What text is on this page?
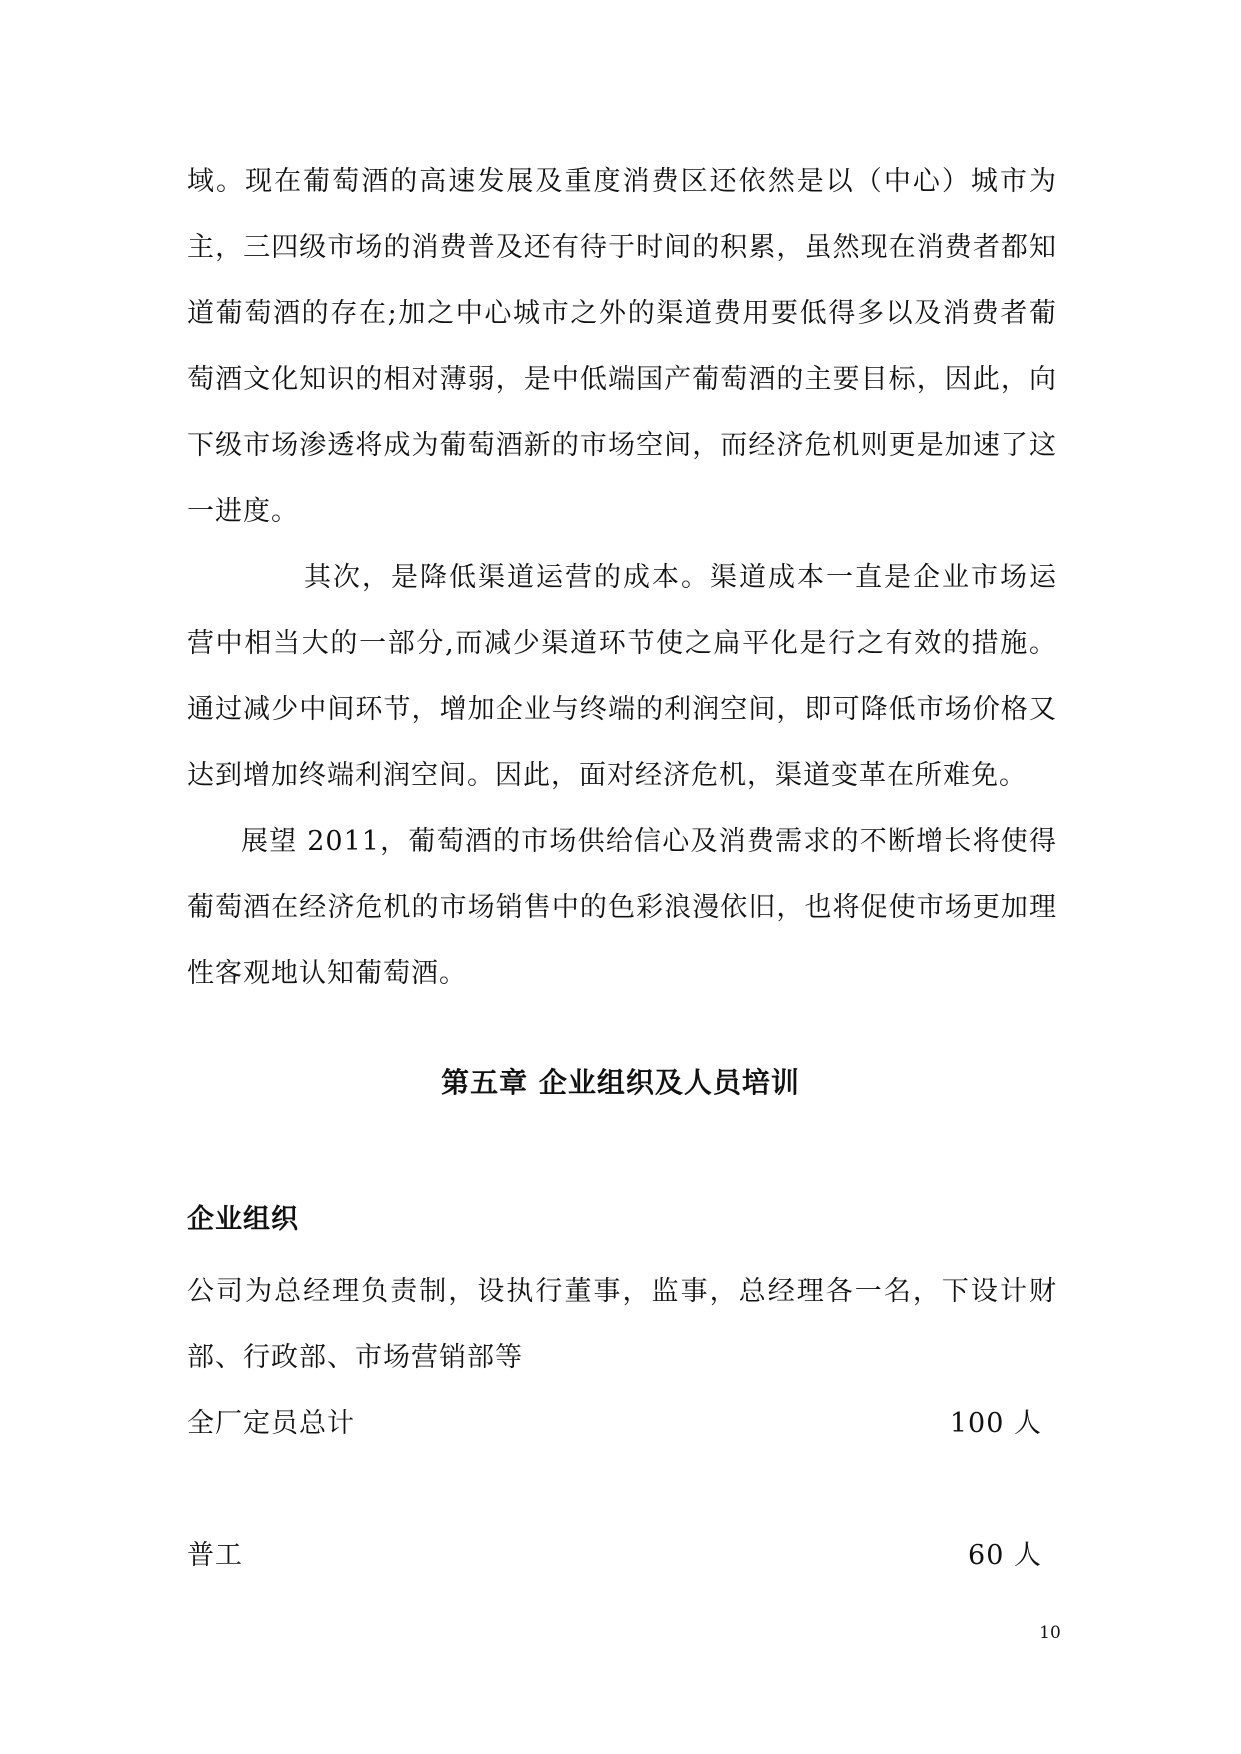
域。现在葡萄酒的高速发展及重度消费区还依然是以（中心）城市为主，三四级市场的消费普及还有待于时间的积累，虽然现在消费者都知道葡萄酒的存在;加之中心城市之外的渠道费用要低得多以及消费者葡萄酒文化知识的相对薄弱，是中低端国产葡萄酒的主要目标，因此，向下级市场渗透将成为葡萄酒新的市场空间，而经济危机则更是加速了这一进度。
其次，是降低渠道运营的成本。渠道成本一直是企业市场运营中相当大的一部分,而减少渠道环节使之扁平化是行之有效的措施。通过减少中间环节，增加企业与终端的利润空间，即可降低市场价格又达到增加终端利润空间。因此，面对经济危机，渠道变革在所难免。
展望 2011，葡萄酒的市场供给信心及消费需求的不断增长将使得葡萄酒在经济危机的市场销售中的色彩浪漫依旧，也将促使市场更加理性客观地认知葡萄酒。
第五章 企业组织及人员培训
企业组织
公司为总经理负责制，设执行董事，监事，总经理各一名，下设计财部、行政部、市场营销部等
全厂定员总计	100 人
普工	60 人
10
